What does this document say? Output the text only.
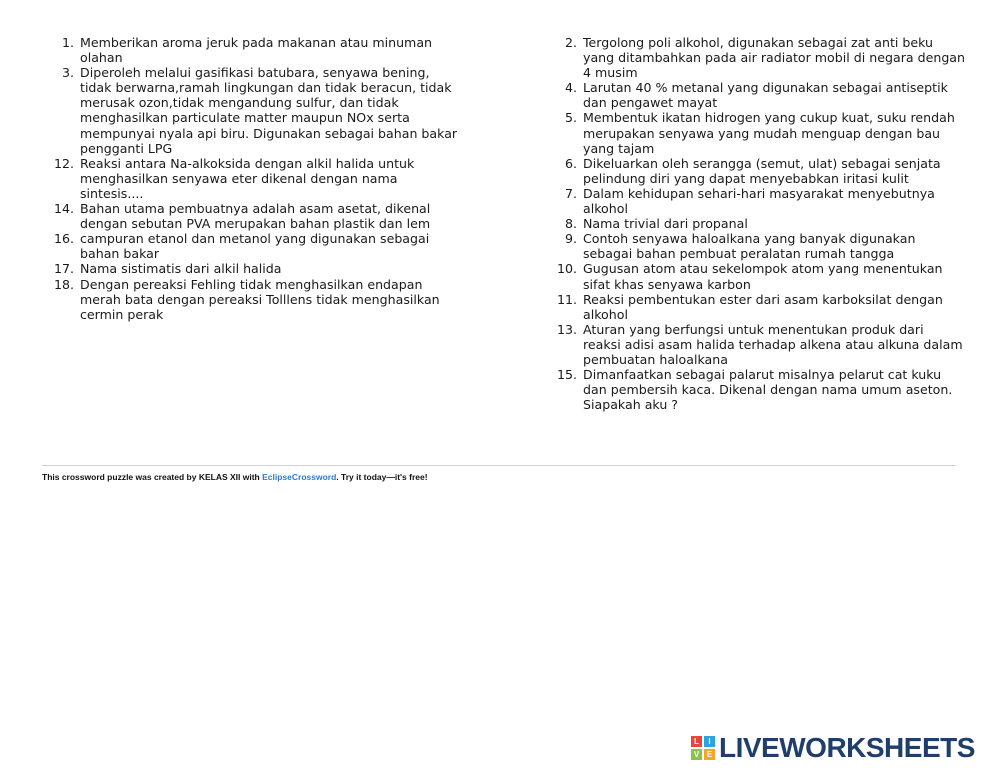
1. Memberikan aroma jeruk pada makanan atau minuman olahan
3. Diperoleh melalui gasifikasi batubara, senyawa bening, tidak berwarna,ramah lingkungan dan tidak beracun, tidak merusak ozon,tidak mengandung sulfur, dan tidak menghasilkan particulate matter maupun NOx serta mempunyai nyala api biru. Digunakan sebagai bahan bakar pengganti LPG
12. Reaksi antara Na-alkoksida dengan alkil halida untuk menghasilkan senyawa eter dikenal dengan nama sintesis....
14. Bahan utama pembuatnya adalah asam asetat, dikenal dengan sebutan PVA merupakan bahan plastik dan lem
16. campuran etanol dan metanol yang digunakan sebagai bahan bakar
17. Nama sistimatis dari alkil halida
18. Dengan pereaksi Fehling tidak menghasilkan endapan merah bata dengan pereaksi Tolllens tidak menghasilkan cermin perak
2. Tergolong poli alkohol, digunakan sebagai zat anti beku yang ditambahkan pada air radiator mobil di negara dengan 4 musim
4. Larutan 40 % metanal yang digunakan sebagai antiseptik dan pengawet mayat
5. Membentuk ikatan hidrogen yang cukup kuat, suku rendah merupakan senyawa yang mudah menguap dengan bau yang tajam
6. Dikeluarkan oleh serangga (semut, ulat) sebagai senjata pelindung diri yang dapat menyebabkan iritasi kulit
7. Dalam kehidupan sehari-hari masyarakat menyebutnya alkohol
8. Nama trivial dari propanal
9. Contoh senyawa haloalkana yang banyak digunakan sebagai bahan pembuat peralatan rumah tangga
10. Gugusan atom atau sekelompok atom yang menentukan sifat khas senyawa karbon
11. Reaksi pembentukan ester dari asam karboksilat dengan alkohol
13. Aturan yang berfungsi untuk menentukan produk dari reaksi adisi asam halida terhadap alkena atau alkuna dalam pembuatan haloalkana
15. Dimanfaatkan sebagai palarut misalnya pelarut cat kuku dan pembersih kaca. Dikenal dengan nama umum aseton. Siapakah aku ?
This crossword puzzle was created by KELAS XII with EclipseCrossword. Try it today—it's free!
L	I
V E LIVEWORKSHEETS
